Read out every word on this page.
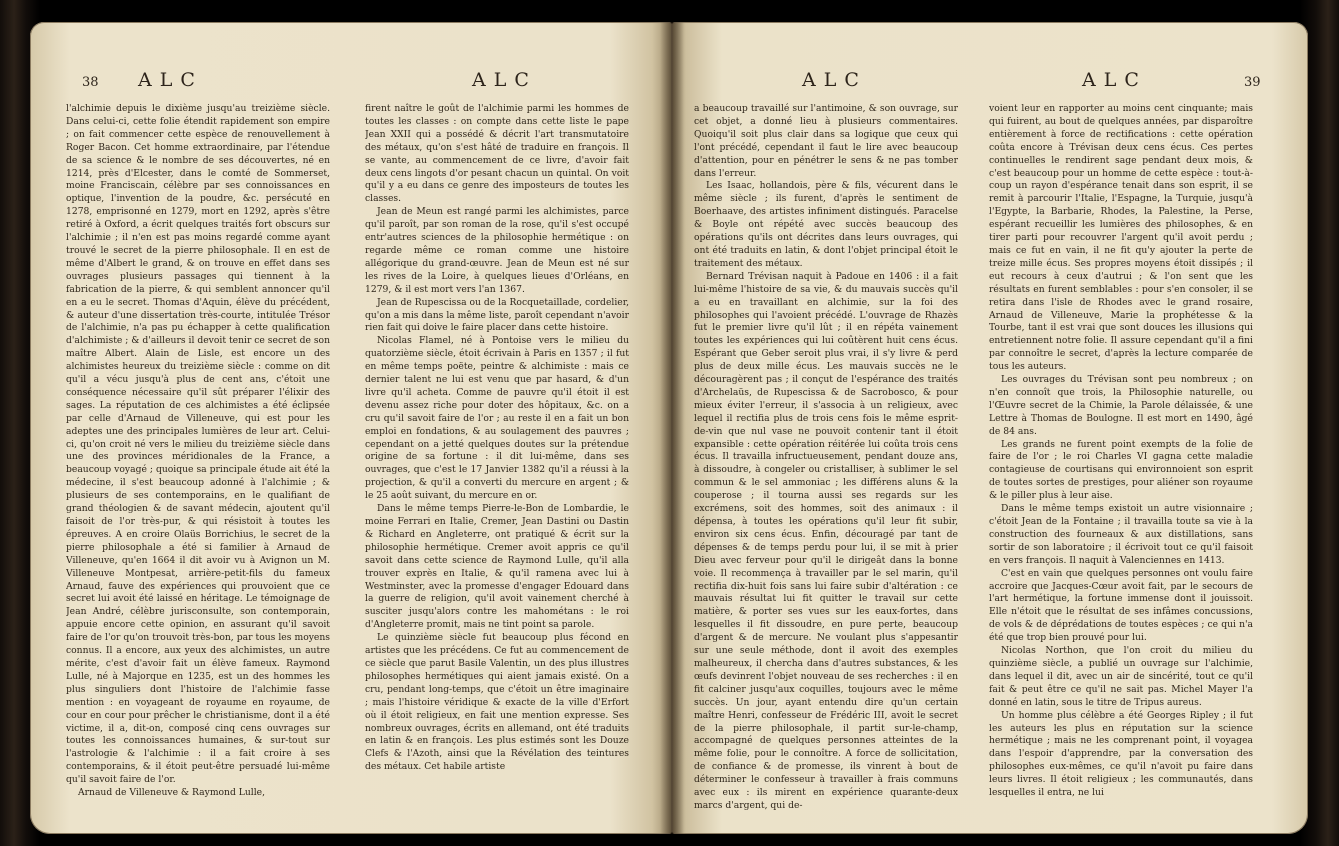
38 ALC	ALC

l'alchimie depuis le dixième jusqu'au treizième siècle. Dans celui-ci, cette folie étendit rapidement son empire ; on fait commencer cette espèce de renouvellement à Roger Bacon. Cet homme extraordinaire, par l'étendue de sa science & le nombre de ses découvertes, né en 1214, près d'Elcester, dans le comté de Sommerset, moine Franciscain, célèbre par ses connoissances en optique, l'invention de la poudre, &c. persécuté en 1278, emprisonné en 1279, mort en 1292, après s'être retiré à Oxford, a écrit quelques traités fort obscurs sur l'alchimie ; il n'en est pas moins regardé comme ayant trouvé le secret de la pierre philosophale. Il en est de même d'Albert le grand, & on trouve en effet dans ses ouvrages plusieurs passages qui tiennent à la fabrication de la pierre, & qui semblent annoncer qu'il en a eu le secret. Thomas d'Aquin, élève du précédent, & auteur d'une dissertation très-courte, intitulée Trésor de l'alchimie, n'a pas pu échapper à cette qualification d'alchimiste ; & d'ailleurs il devoit tenir ce secret de son maître Albert. Alain de Lisle, est encore un des alchimistes heureux du treizième siècle : comme on dit qu'il a vécu jusqu'à plus de cent ans, c'étoit une conséquence nécessaire qu'il sût préparer l'élixir des sages. La réputation de ces alchimistes a été éclipsée par celle d'Arnaud de Villeneuve, qui est pour les adeptes une des principales lumières de leur art. Celui-ci, qu'on croit né vers le milieu du treizième siècle dans une des provinces méridionales de la France, a beaucoup voyagé ; quoique sa principale étude ait été la médecine, il s'est beaucoup adonné à l'alchimie ; & plusieurs de ses contemporains, en le qualifiant de grand théologien & de savant médecin, ajoutent qu'il faisoit de l'or très-pur, & qui résistoit à toutes les épreuves. A en croire Olaüs Borrichius, le secret de la pierre philosophale a été si familier à Arnaud de Villeneuve, qu'en 1664 il dit avoir vu à Avignon un M. Villeneuve Montpesat, arrière-petit-fils du fameux Arnaud, fauve des expériences qui prouvoient que ce secret lui avoit été laissé en héritage. Le témoignage de Jean André, célèbre jurisconsulte, son contemporain, appuie encore cette opinion, en assurant qu'il savoit faire de l'or qu'on trouvoit très-bon, par tous les moyens connus. Il a encore, aux yeux des alchimistes, un autre mérite, c'est d'avoir fait un élève fameux. Raymond Lulle, né à Majorque en 1235, est un des hommes les plus singuliers dont l'histoire de l'alchimie fasse mention : en voyageant de royaume en royaume, de cour en cour pour prêcher le christianisme, dont il a été victime, il a, dit-on, composé cinq cens ouvrages sur toutes les connoissances humaines, & sur-tout sur l'astrologie & l'alchimie : il a fait croire à ses contemporains, & il étoit peut-être persuadé lui-même qu'il savoit faire de l'or.

Arnaud de Villeneuve & Raymond Lulle,

firent naître le goût de l'alchimie parmi les hommes de toutes les classes : on compte dans cette liste le pape Jean XXII qui a possédé & décrit l'art transmutatoire des métaux, qu'on s'est hâté de traduire en françois. Il se vante, au commencement de ce livre, d'avoir fait deux cens lingots d'or pesant chacun un quintal. On voit qu'il y a eu dans ce genre des imposteurs de toutes les classes.

Jean de Meun est rangé parmi les alchimistes, parce qu'il paroît, par son roman de la rose, qu'il s'est occupé entr'autres sciences de la philosophie hermétique : on regarde même ce roman comme une histoire allégorique du grand-œuvre. Jean de Meun est né sur les rives de la Loire, à quelques lieues d'Orléans, en 1279, & il est mort vers l'an 1367.

Jean de Rupescissa ou de la Rocquetaillade, cordelier, qu'on a mis dans la même liste, paroît cependant n'avoir rien fait qui doive le faire placer dans cette histoire.

Nicolas Flamel, né à Pontoise vers le milieu du quatorzième siècle, étoit écrivain à Paris en 1357 ; il fut en même temps poëte, peintre & alchimiste : mais ce dernier talent ne lui est venu que par hasard, & d'un livre qu'il acheta. Comme de pauvre qu'il étoit il est devenu assez riche pour doter des hôpitaux, &c. on a cru qu'il savoit faire de l'or ; au reste il en a fait un bon emploi en fondations, & au soulagement des pauvres ; cependant on a jetté quelques doutes sur la prétendue origine de sa fortune : il dit lui-même, dans ses ouvrages, que c'est le 17 Janvier 1382 qu'il a réussi à la projection, & qu'il a converti du mercure en argent ; & le 25 août suivant, du mercure en or.

Dans le même temps Pierre-le-Bon de Lombardie, le moine Ferrari en Italie, Cremer, Jean Dastini ou Dastin & Richard en Angleterre, ont pratiqué & écrit sur la philosophie hermétique. Cremer avoit appris ce qu'il savoit dans cette science de Raymond Lulle, qu'il alla trouver exprès en Italie, & qu'il ramena avec lui à Westminster, avec la promesse d'engager Edouard dans la guerre de religion, qu'il avoit vainement cherché à susciter jusqu'alors contre les mahométans : le roi d'Angleterre promit, mais ne tint point sa parole.

Le quinzième siècle fut beaucoup plus fécond en artistes que les précédens. Ce fut au commencement de ce siècle que parut Basile Valentin, un des plus illustres philosophes hermétiques qui aient jamais existé. On a cru, pendant long-temps, que c'étoit un être imaginaire ; mais l'histoire véridique & exacte de la ville d'Erfort où il étoit religieux, en fait une mention expresse. Ses nombreux ouvrages, écrits en allemand, ont été traduits en latin & en françois. Les plus estimés sont les Douze Clefs & l'Azoth, ainsi que la Révélation des teintures des métaux. Cet habile artiste

ALC	ALC	39

a beaucoup travaillé sur l'antimoine, & son ouvrage, sur cet objet, a donné lieu à plusieurs commentaires. Quoiqu'il soit plus clair dans sa logique que ceux qui l'ont précédé, cependant il faut le lire avec beaucoup d'attention, pour en pénétrer le sens & ne pas tomber dans l'erreur.

Les Isaac, hollandois, père & fils, vécurent dans le même siècle ; ils furent, d'après le sentiment de Boerhaave, des artistes infiniment distingués. Paracelse & Boyle ont répété avec succès beaucoup des opérations qu'ils ont décrites dans leurs ouvrages, qui ont été traduits en latin, & dont l'objet principal étoit le traitement des métaux.

Bernard Trévisan naquit à Padoue en 1406 : il a fait lui-même l'histoire de sa vie, & du mauvais succès qu'il a eu en travaillant en alchimie, sur la foi des philosophes qui l'avoient précédé. L'ouvrage de Rhazès fut le premier livre qu'il lût ; il en répéta vainement toutes les expériences qui lui coûtèrent huit cens écus. Espérant que Geber seroit plus vrai, il s'y livre & perd plus de deux mille écus. Les mauvais succès ne le découragèrent pas ; il conçut de l'espérance des traités d'Archelaüs, de Rupescissa & de Sacrobosco, & pour mieux éviter l'erreur, il s'associa à un religieux, avec lequel il rectifia plus de trois cens fois le même esprit-de-vin que nul vase ne pouvoit contenir tant il étoit expansible : cette opération réitérée lui coûta trois cens écus. Il travailla infructueusement, pendant douze ans, à dissoudre, à congeler ou cristalliser, à sublimer le sel commun & le sel ammoniac ; les différens aluns & la couperose ; il tourna aussi ses regards sur les excrémens, soit des hommes, soit des animaux : il dépensa, à toutes les opérations qu'il leur fit subir, environ six cens écus. Enfin, découragé par tant de dépenses & de temps perdu pour lui, il se mit à prier Dieu avec ferveur pour qu'il le dirigeât dans la bonne voie. Il recommença à travailler par le sel marin, qu'il rectifia dix-huit fois sans lui faire subir d'altération : ce mauvais résultat lui fit quitter le travail sur cette matière, & porter ses vues sur les eaux-fortes, dans lesquelles il fit dissoudre, en pure perte, beaucoup d'argent & de mercure. Ne voulant plus s'appesantir sur une seule méthode, dont il avoit des exemples malheureux, il chercha dans d'autres substances, & les œufs devinrent l'objet nouveau de ses recherches : il en fit calciner jusqu'aux coquilles, toujours avec le même succès. Un jour, ayant entendu dire qu'un certain maître Henri, confesseur de Frédéric III, avoit le secret de la pierre philosophale, il partit sur-le-champ, accompagné de quelques personnes atteintes de la même folie, pour le connoître. A force de sollicitation, de confiance & de promesse, ils vinrent à bout de déterminer le confesseur à travailler à frais communs avec eux : ils mirent en expérience quarante-deux marcs d'argent, qui de-

voient leur en rapporter au moins cent cinquante; mais qui fuirent, au bout de quelques années, par disparoître entièrement à force de rectifications : cette opération coûta encore à Trévisan deux cens écus. Ces pertes continuelles le rendirent sage pendant deux mois, & c'est beaucoup pour un homme de cette espèce : tout-à-coup un rayon d'espérance tenait dans son esprit, il se remit à parcourir l'Italie, l'Espagne, la Turquie, jusqu'à l'Egypte, la Barbarie, Rhodes, la Palestine, la Perse, espérant recueillir les lumières des philosophes, & en tirer parti pour recouvrer l'argent qu'il avoit perdu ; mais ce fut en vain, il ne fit qu'y ajouter la perte de treize mille écus. Ses propres moyens étoit dissipés ; il eut recours à ceux d'autrui ; & l'on sent que les résultats en furent semblables : pour s'en consoler, il se retira dans l'isle de Rhodes avec le grand rosaire, Arnaud de Villeneuve, Marie la prophétesse & la Tourbe, tant il est vrai que sont douces les illusions qui entretiennent notre folie. Il assure cependant qu'il a fini par connoître le secret, d'après la lecture comparée de tous les auteurs.

Les ouvrages du Trévisan sont peu nombreux ; on n'en connoît que trois, la Philosophie naturelle, ou l'Œuvre secret de la Chimie, la Parole délaissée, & une Lettre à Thomas de Boulogne. Il est mort en 1490, âgé de 84 ans.

Les grands ne furent point exempts de la folie de faire de l'or ; le roi Charles VI gagna cette maladie contagieuse de courtisans qui environnoient son esprit de toutes sortes de prestiges, pour aliéner son royaume & le piller plus à leur aise.

Dans le même temps existoit un autre visionnaire ; c'étoit Jean de la Fontaine ; il travailla toute sa vie à la construction des fourneaux & aux distillations, sans sortir de son laboratoire ; il écrivoit tout ce qu'il faisoit en vers françois. Il naquit à Valenciennes en 1413.

C'est en vain que quelques personnes ont voulu faire accroire que Jacques-Cœur avoit fait, par le secours de l'art hermétique, la fortune immense dont il jouissoit. Elle n'étoit que le résultat de ses infâmes concussions, de vols & de déprédations de toutes espèces ; ce qui n'a été que trop bien prouvé pour lui.

Nicolas Northon, que l'on croit du milieu du quinzième siècle, a publié un ouvrage sur l'alchimie, dans lequel il dit, avec un air de sincérité, tout ce qu'il fait & peut être ce qu'il ne sait pas. Michel Mayer l'a donné en latin, sous le titre de Tripus aureus.

Un homme plus célèbre a été Georges Ripley ; il fut les auteurs les plus en réputation sur la science hermétique ; mais ne les comprenant point, il voyagea dans l'espoir d'apprendre, par la conversation des philosophes eux-mêmes, ce qu'il n'avoit pu faire dans leurs livres. Il étoit religieux ; les communautés, dans lesquelles il entra, ne lui
